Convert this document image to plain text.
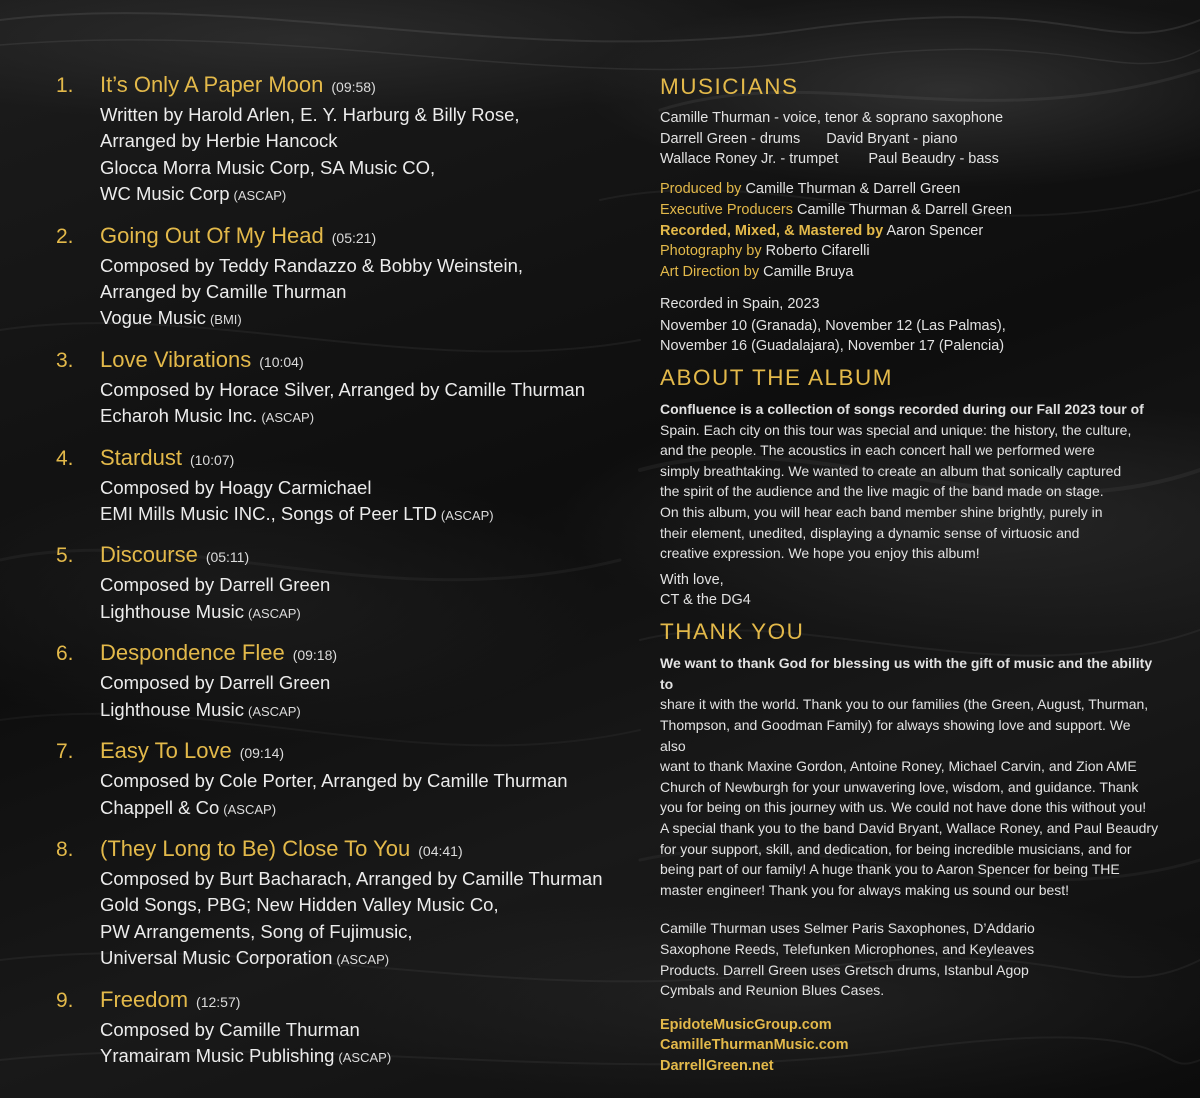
1. It’s Only A Paper Moon (09:58)
Written by Harold Arlen, E. Y. Harburg & Billy Rose,
Arranged by Herbie Hancock
Glocca Morra Music Corp, SA Music CO,
WC Music Corp (ASCAP)
2. Going Out Of My Head (05:21)
Composed by Teddy Randazzo & Bobby Weinstein,
Arranged by Camille Thurman
Vogue Music (BMI)
3. Love Vibrations (10:04)
Composed by Horace Silver, Arranged by Camille Thurman
Echaroh Music Inc. (ASCAP)
4. Stardust (10:07)
Composed by Hoagy Carmichael
EMI Mills Music INC., Songs of Peer LTD (ASCAP)
5. Discourse (05:11)
Composed by Darrell Green
Lighthouse Music (ASCAP)
6. Despondence Flee (09:18)
Composed by Darrell Green
Lighthouse Music (ASCAP)
7. Easy To Love (09:14)
Composed by Cole Porter, Arranged by Camille Thurman
Chappell & Co (ASCAP)
8. (They Long to Be) Close To You (04:41)
Composed by Burt Bacharach, Arranged by Camille Thurman
Gold Songs, PBG; New Hidden Valley Music Co,
PW Arrangements, Song of Fujimusic,
Universal Music Corporation (ASCAP)
9. Freedom (12:57)
Composed by Camille Thurman
Yramairam Music Publishing (ASCAP)
MUSICIANS
Camille Thurman - voice, tenor & soprano saxophone
Darrell Green - drums David Bryant - piano
Wallace Roney Jr. - trumpet Paul Beaudry - bass
Produced by Camille Thurman & Darrell Green
Executive Producers Camille Thurman & Darrell Green
Recorded, Mixed, & Mastered by Aaron Spencer
Photography by Roberto Cifarelli
Art Direction by Camille Bruya
Recorded in Spain, 2023
November 10 (Granada), November 12 (Las Palmas),
November 16 (Guadalajara), November 17 (Palencia)
ABOUT THE ALBUM
Confluence is a collection of songs recorded during our Fall 2023 tour of
Spain. Each city on this tour was special and unique: the history, the culture,
and the people. The acoustics in each concert hall we performed were
simply breathtaking. We wanted to create an album that sonically captured
the spirit of the audience and the live magic of the band made on stage.
On this album, you will hear each band member shine brightly, purely in
their element, unedited, displaying a dynamic sense of virtuosic and
creative expression. We hope you enjoy this album!
With love,
CT & the DG4
THANK YOU
We want to thank God for blessing us with the gift of music and the ability to
share it with the world. Thank you to our families (the Green, August, Thurman,
Thompson, and Goodman Family) for always showing love and support. We also
want to thank Maxine Gordon, Antoine Roney, Michael Carvin, and Zion AME
Church of Newburgh for your unwavering love, wisdom, and guidance. Thank
you for being on this journey with us. We could not have done this without you!
A special thank you to the band David Bryant, Wallace Roney, and Paul Beaudry
for your support, skill, and dedication, for being incredible musicians, and for
being part of our family! A huge thank you to Aaron Spencer for being THE
master engineer! Thank you for always making us sound our best!
Camille Thurman uses Selmer Paris Saxophones, D’Addario
Saxophone Reeds, Telefunken Microphones, and Keyleaves
Products. Darrell Green uses Gretsch drums, Istanbul Agop
Cymbals and Reunion Blues Cases.
EpidoteMusicGroup.com
CamilleThurmanMusic.com
DarrellGreen.net
